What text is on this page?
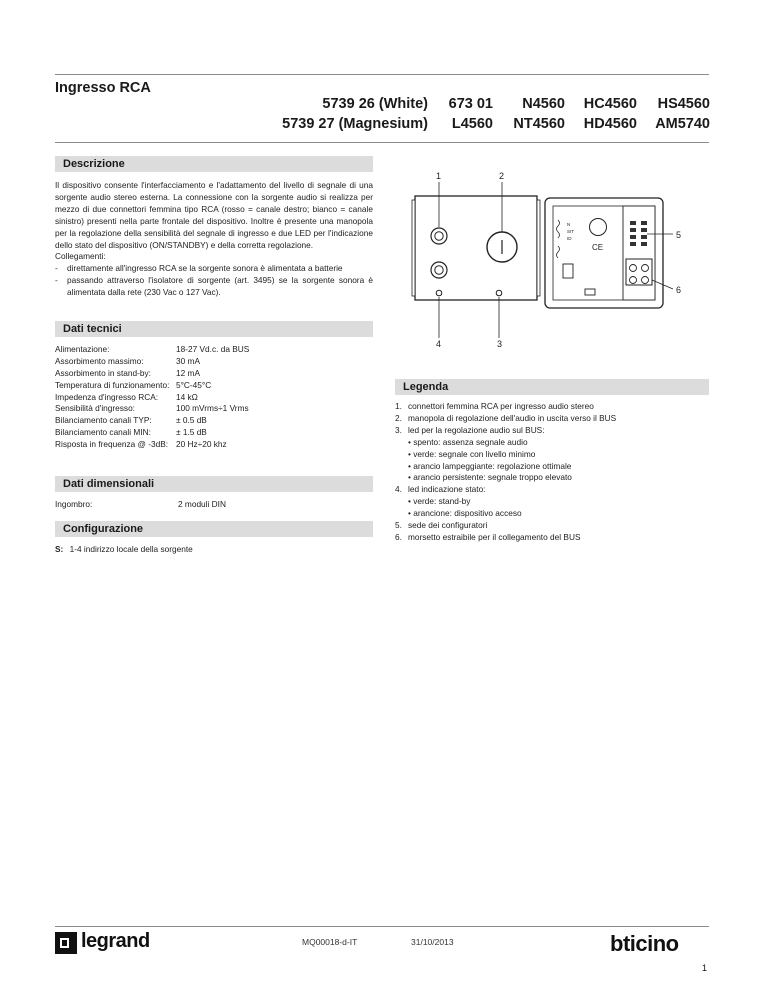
Ingresso RCA
5739 26 (White) 673 01 N4560 HC4560 HS4560
5739 27 (Magnesium) L4560 NT4560 HD4560 AM5740
Descrizione
Il dispositivo consente l'interfacciamento e l'adattamento del livello di segnale di una sorgente audio stereo esterna. La connessione con la sorgente audio si realizza per mezzo di due connettori femmina tipo RCA (rosso = canale destro; bianco = canale sinistro) presenti nella parte frontale del dispositivo. Inoltre è presente una manopola per la regolazione della sensibilità del segnale di ingresso e due LED per l'indicazione dello stato del dispositivo (ON/STANDBY) e della corretta regolazione.
Collegamenti:
- direttamente all'ingresso RCA se la sorgente sonora è alimentata a batterie
- passando attraverso l'isolatore di sorgente (art. 3495) se la sorgente sonora è alimentata dalla rete (230 Vac o 127 Vac).
Dati tecnici
Alimentazione:	18-27 Vd.c. da BUS
Assorbimento massimo:	30 mA
Assorbimento in stand-by:	12 mA
Temperatura di funzionamento: 5°C-45°C
Impedenza d'ingresso RCA: 14 kΩ
Sensibilità d'ingresso:	100 mVrms÷1 Vrms
Bilanciamento canali TYP:	± 0.5 dB
Bilanciamento canali MIN:	± 1.5 dB
Risposta in frequenza @ -3dB: 20 Hz÷20 khz
Dati dimensionali
Ingombro:	2 moduli DIN
Configurazione
S: 1-4 indirizzo locale della sorgente
N
SIT
ID
CE
1	2
3
4
5
6
Legenda
1. connettori femmina RCA per ingresso audio stereo
2. manopola di regolazione dell'audio in uscita verso il BUS
3. led per la regolazione audio sul BUS:
• spento: assenza segnale audio
• verde: segnale con livello minimo
• arancio lampeggiante: regolazione ottimale
• arancio persistente: segnale troppo elevato
4. led indicazione stato:
• verde: stand-by
• arancione: dispositivo acceso
5. sede dei configuratori
6. morsetto estraibile per il collegamento del BUS
legrand	MQ00018-d-IT	31/10/2013	bticino
1
